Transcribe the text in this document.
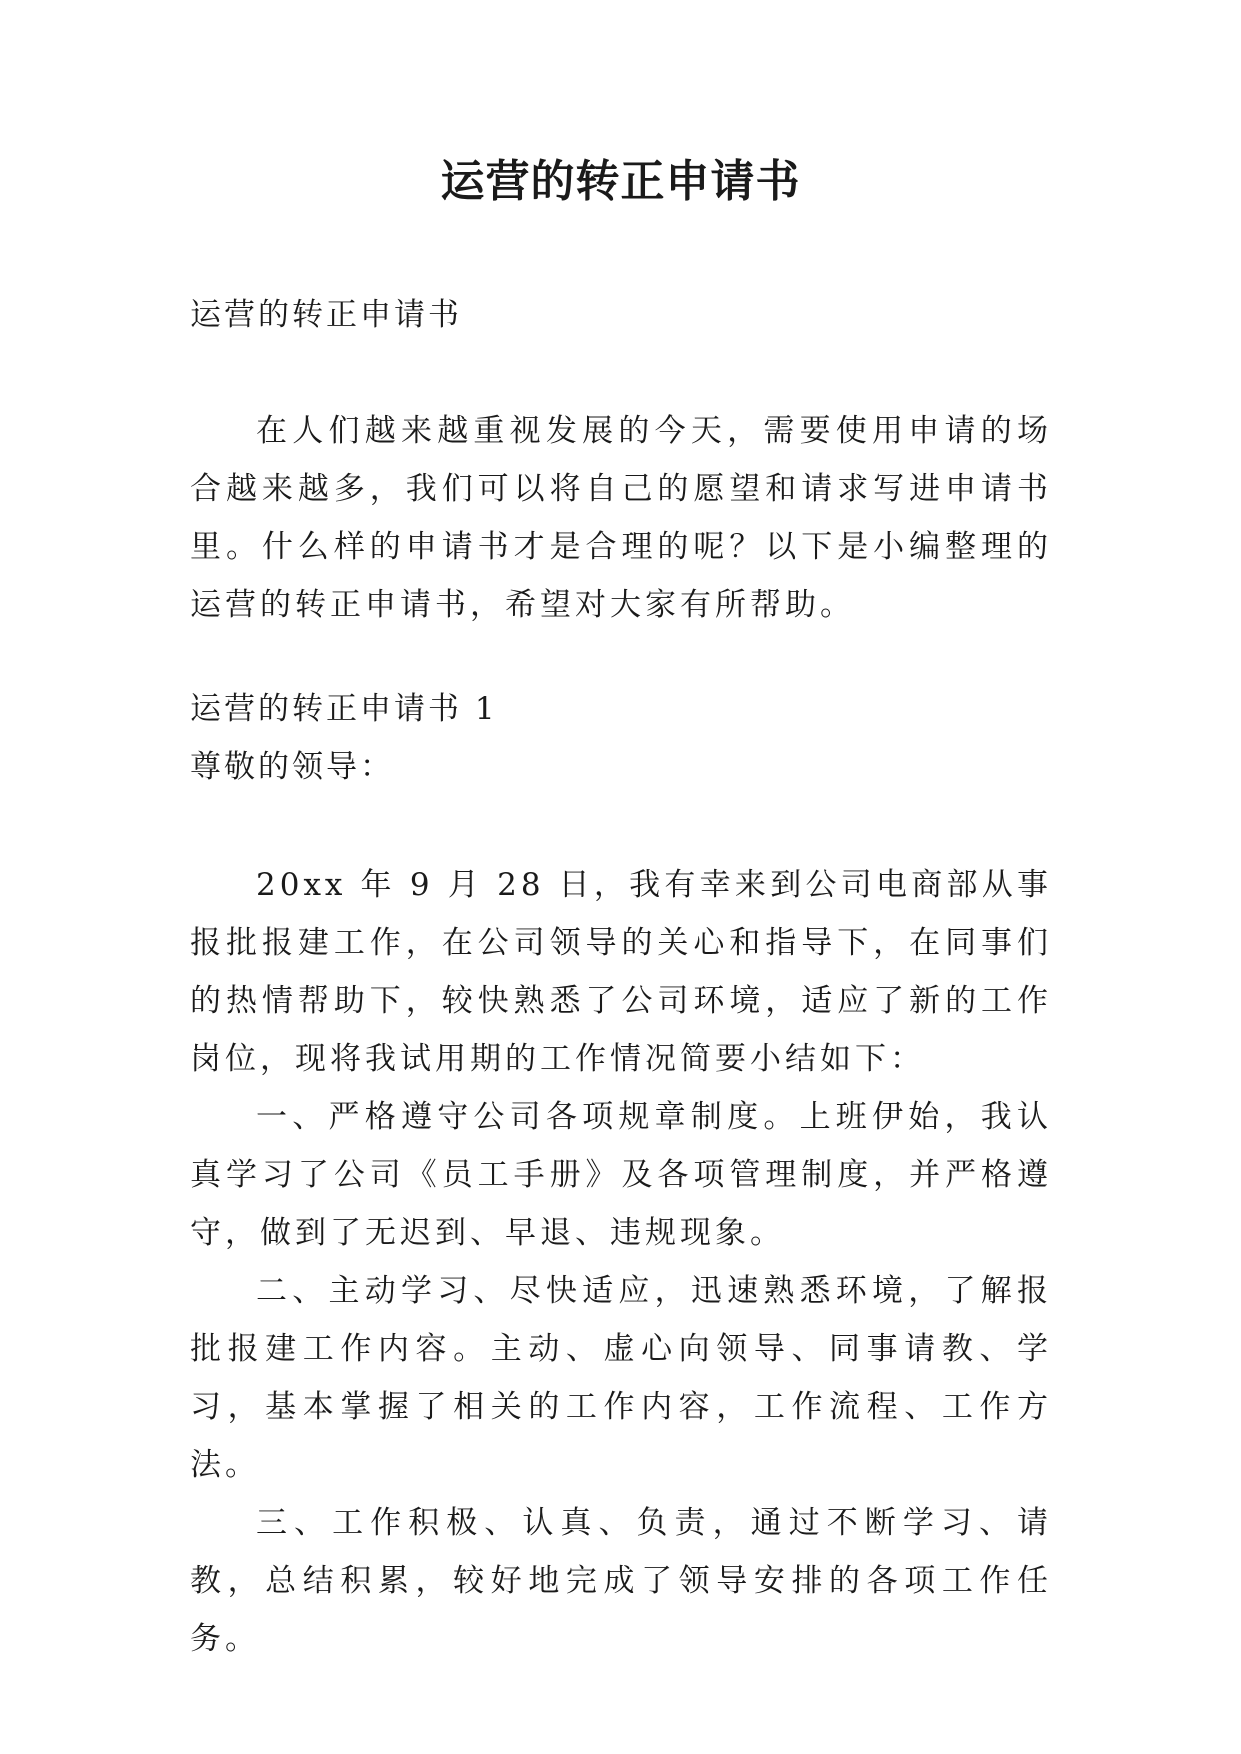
运营的转正申请书

运营的转正申请书

在人们越来越重视发展的今天，需要使用申请的场合越来越多，我们可以将自己的愿望和请求写进申请书里。什么样的申请书才是合理的呢？以下是小编整理的运营的转正申请书，希望对大家有所帮助。

运营的转正申请书 1

尊敬的领导：

20xx 年 9 月 28 日，我有幸来到公司电商部从事报批报建工作，在公司领导的关心和指导下，在同事们的热情帮助下，较快熟悉了公司环境，适应了新的工作岗位，现将我试用期的工作情况简要小结如下：

一、严格遵守公司各项规章制度。上班伊始，我认真学习了公司《员工手册》及各项管理制度，并严格遵守，做到了无迟到、早退、违规现象。

二、主动学习、尽快适应，迅速熟悉环境，了解报批报建工作内容。主动、虚心向领导、同事请教、学习，基本掌握了相关的工作内容，工作流程、工作方法。

三、工作积极、认真、负责，通过不断学习、请教，总结积累，较好地完成了领导安排的各项工作任务。
